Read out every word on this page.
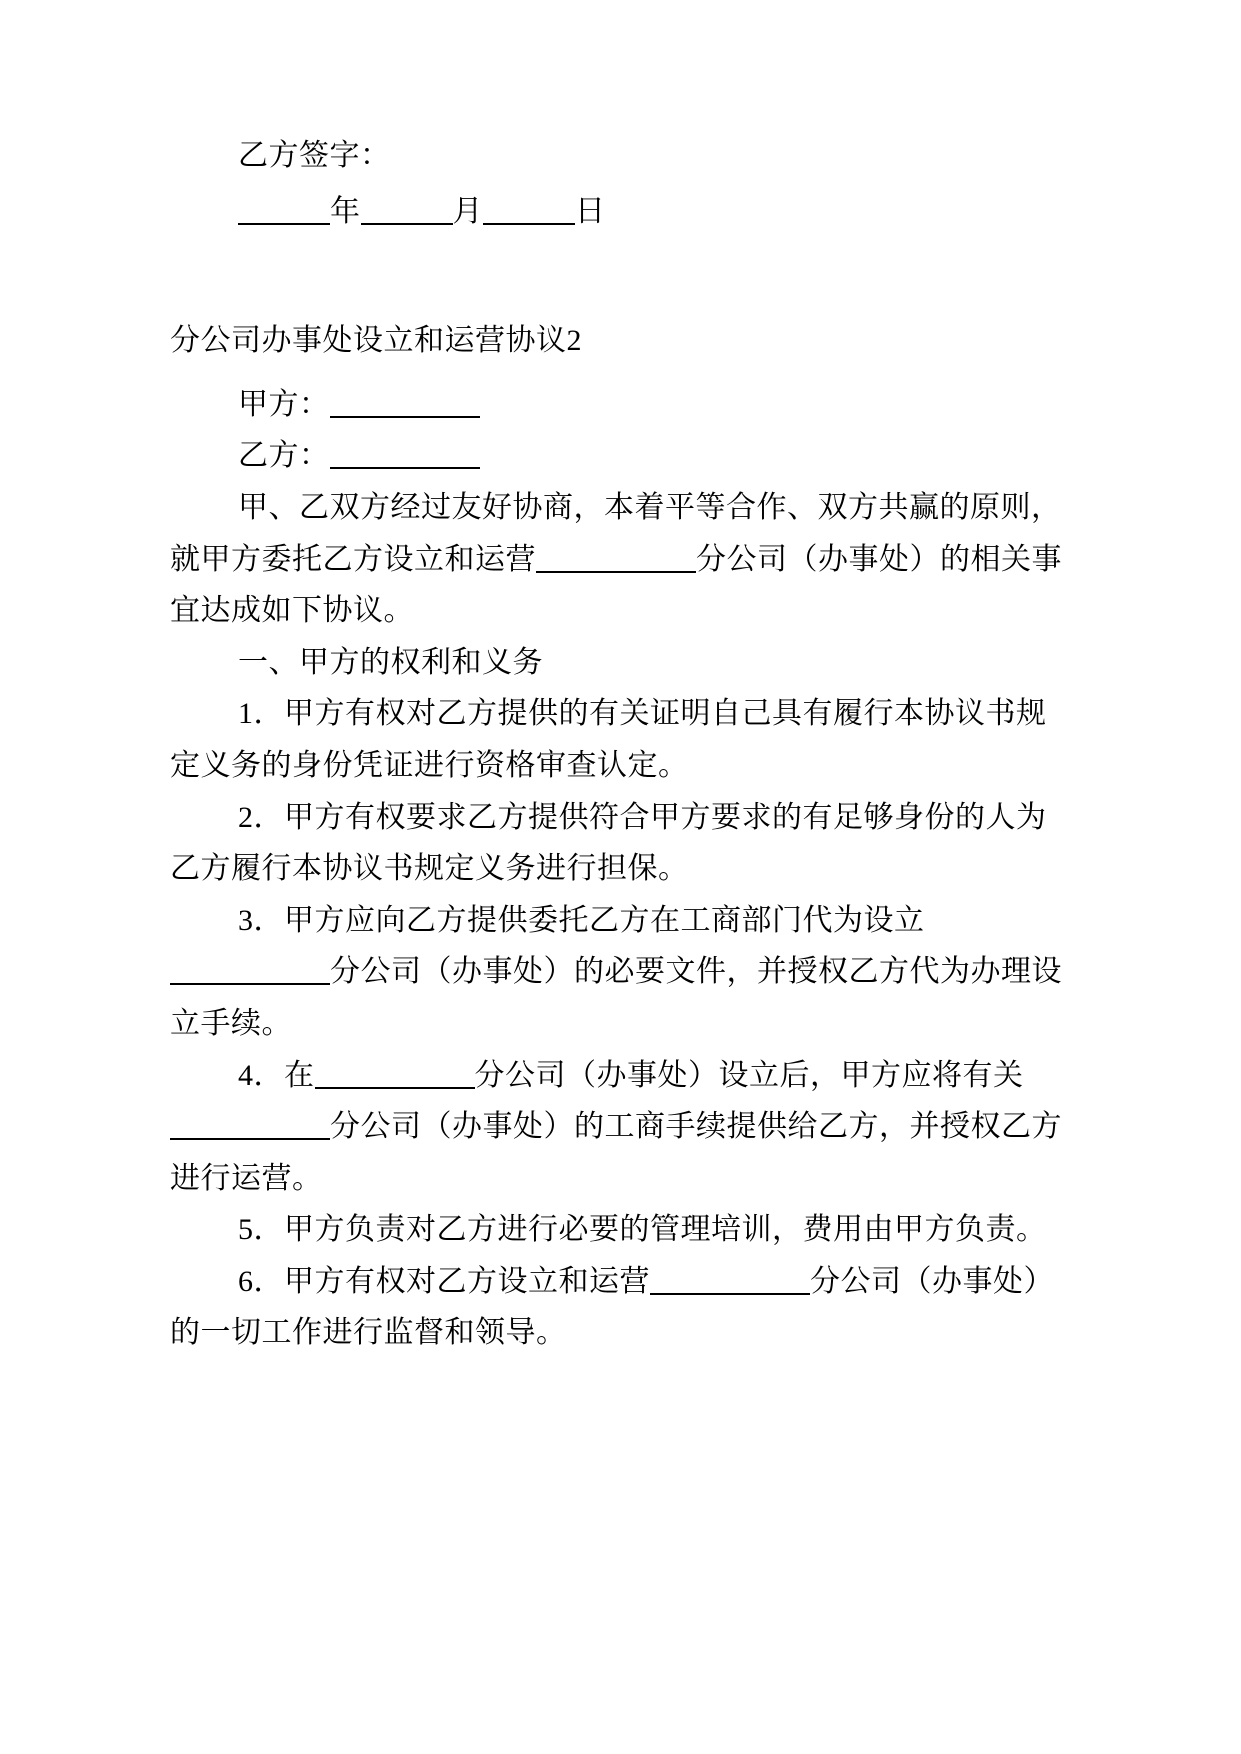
乙方签字：
年	月	日
分公司办事处设立和运营协议2

甲方：

乙方：

甲、乙双方经过友好协商，本着平等合作、双方共赢的原则，就甲方委托乙方设立和运营	分公司（办事处）的相关事宜达成如下协议。

一、甲方的权利和义务

1．甲方有权对乙方提供的有关证明自己具有履行本协议书规定义务的身份凭证进行资格审查认定。

2．甲方有权要求乙方提供符合甲方要求的有足够身份的人为乙方履行本协议书规定义务进行担保。

3．甲方应向乙方提供委托乙方在工商部门代为设立分公司（办事处）的必要文件，并授权乙方代为办理设立手续。

4．在	分公司（办事处）设立后，甲方应将有关分公司（办事处）的工商手续提供给乙方，并授权乙方进行运营。

5．甲方负责对乙方进行必要的管理培训，费用由甲方负责。

6．甲方有权对乙方设立和运营	分公司（办事处）的一切工作进行监督和领导。
